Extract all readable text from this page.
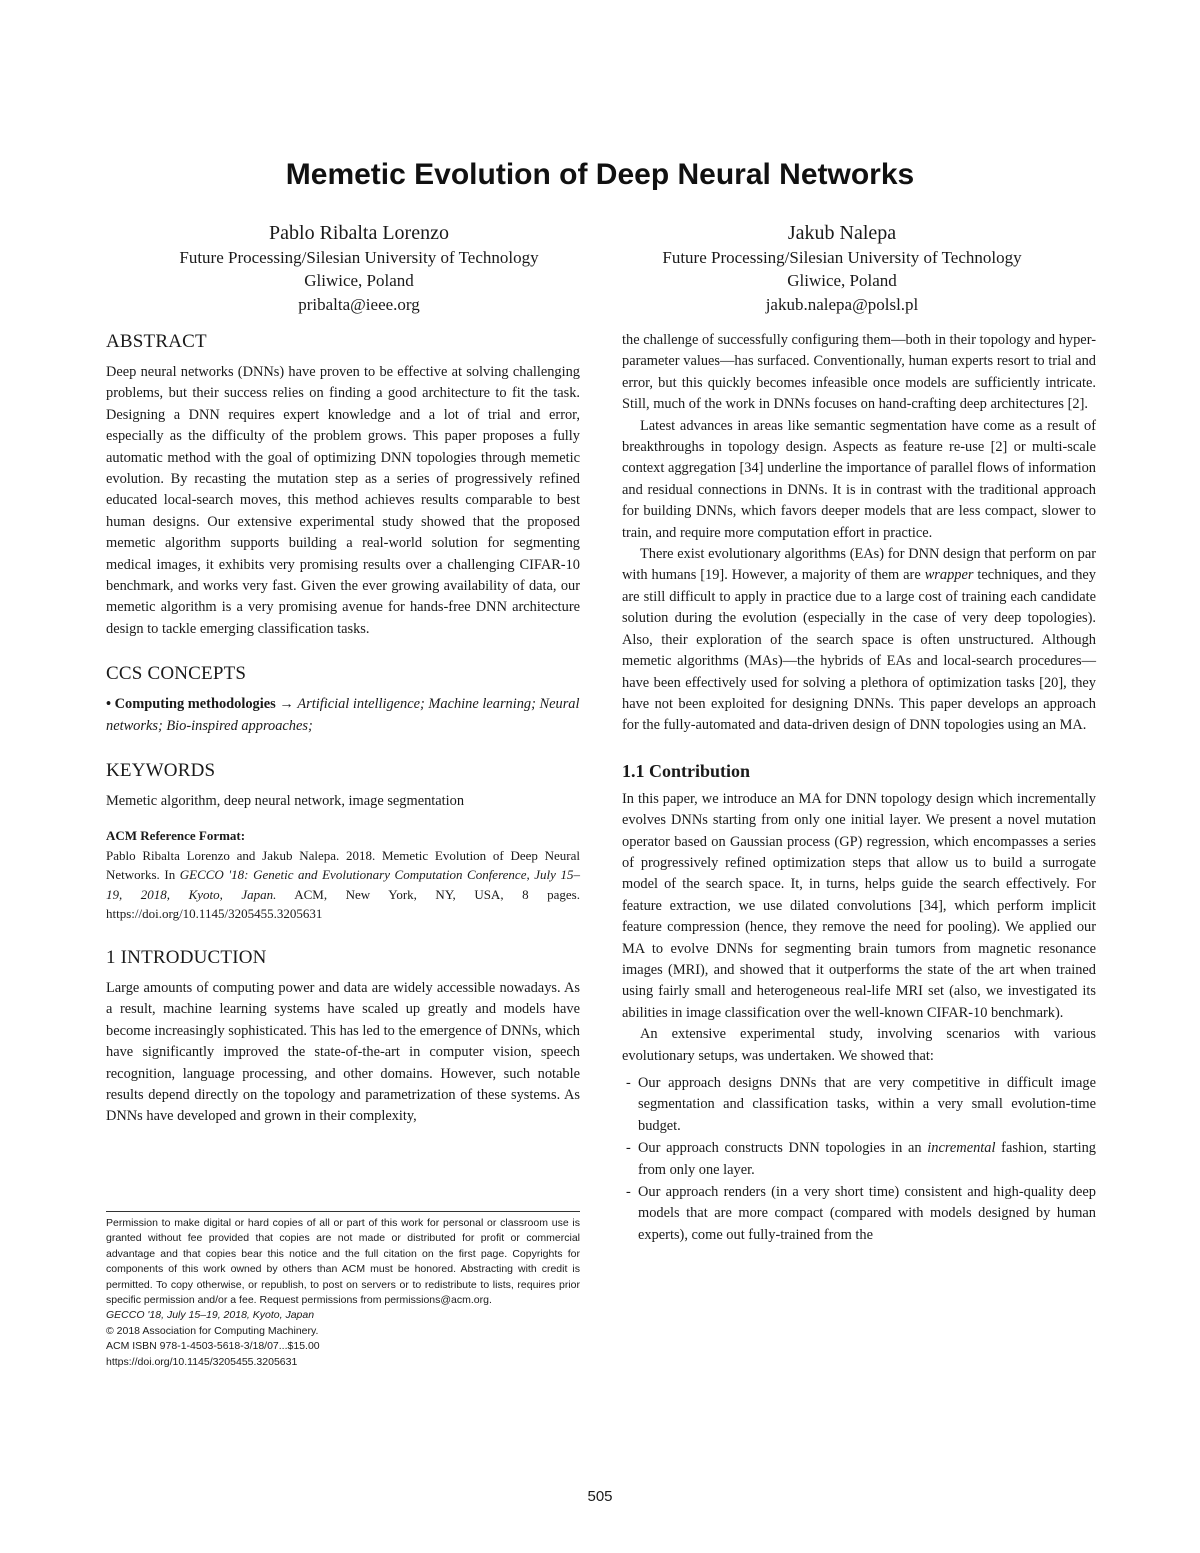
Memetic Evolution of Deep Neural Networks
Pablo Ribalta Lorenzo
Future Processing/Silesian University of Technology
Gliwice, Poland
pribalta@ieee.org
Jakub Nalepa
Future Processing/Silesian University of Technology
Gliwice, Poland
jakub.nalepa@polsl.pl
ABSTRACT

Deep neural networks (DNNs) have proven to be effective at solving challenging problems, but their success relies on finding a good architecture to fit the task. Designing a DNN requires expert knowledge and a lot of trial and error, especially as the difficulty of the problem grows. This paper proposes a fully automatic method with the goal of optimizing DNN topologies through memetic evolution. By recasting the mutation step as a series of progressively refined educated local-search moves, this method achieves results comparable to best human designs. Our extensive experimental study showed that the proposed memetic algorithm supports building a real-world solution for segmenting medical images, it exhibits very promising results over a challenging CIFAR-10 benchmark, and works very fast. Given the ever growing availability of data, our memetic algorithm is a very promising avenue for hands-free DNN architecture design to tackle emerging classification tasks.

CCS CONCEPTS

• Computing methodologies → Artificial intelligence; Machine learning; Neural networks; Bio-inspired approaches;

KEYWORDS

Memetic algorithm, deep neural network, image segmentation

ACM Reference Format:

Pablo Ribalta Lorenzo and Jakub Nalepa. 2018. Memetic Evolution of Deep Neural Networks. In GECCO '18: Genetic and Evolutionary Computation Conference, July 15–19, 2018, Kyoto, Japan. ACM, New York, NY, USA, 8 pages. https://doi.org/10.1145/3205455.3205631

1 INTRODUCTION

Large amounts of computing power and data are widely accessible nowadays. As a result, machine learning systems have scaled up greatly and models have become increasingly sophisticated. This has led to the emergence of DNNs, which have significantly improved the state-of-the-art in computer vision, speech recognition, language processing, and other domains. However, such notable results depend directly on the topology and parametrization of these systems. As DNNs have developed and grown in their complexity,

Permission to make digital or hard copies of all or part of this work for personal or classroom use is granted without fee provided that copies are not made or distributed for profit or commercial advantage and that copies bear this notice and the full citation on the first page. Copyrights for components of this work owned by others than ACM must be honored. Abstracting with credit is permitted. To copy otherwise, or republish, to post on servers or to redistribute to lists, requires prior specific permission and/or a fee. Request permissions from permissions@acm.org.
GECCO '18, July 15–19, 2018, Kyoto, Japan
© 2018 Association for Computing Machinery.
ACM ISBN 978-1-4503-5618-3/18/07...$15.00
https://doi.org/10.1145/3205455.3205631

the challenge of successfully configuring them—both in their topology and hyper-parameter values—has surfaced. Conventionally, human experts resort to trial and error, but this quickly becomes infeasible once models are sufficiently intricate. Still, much of the work in DNNs focuses on hand-crafting deep architectures [2].

Latest advances in areas like semantic segmentation have come as a result of breakthroughs in topology design. Aspects as feature re-use [2] or multi-scale context aggregation [34] underline the importance of parallel flows of information and residual connections in DNNs. It is in contrast with the traditional approach for building DNNs, which favors deeper models that are less compact, slower to train, and require more computation effort in practice.

There exist evolutionary algorithms (EAs) for DNN design that perform on par with humans [19]. However, a majority of them are wrapper techniques, and they are still difficult to apply in practice due to a large cost of training each candidate solution during the evolution (especially in the case of very deep topologies). Also, their exploration of the search space is often unstructured. Although memetic algorithms (MAs)—the hybrids of EAs and local-search procedures—have been effectively used for solving a plethora of optimization tasks [20], they have not been exploited for designing DNNs. This paper develops an approach for the fully-automated and data-driven design of DNN topologies using an MA.

1.1 Contribution

In this paper, we introduce an MA for DNN topology design which incrementally evolves DNNs starting from only one initial layer. We present a novel mutation operator based on Gaussian process (GP) regression, which encompasses a series of progressively refined optimization steps that allow us to build a surrogate model of the search space. It, in turns, helps guide the search effectively. For feature extraction, we use dilated convolutions [34], which perform implicit feature compression (hence, they remove the need for pooling). We applied our MA to evolve DNNs for segmenting brain tumors from magnetic resonance images (MRI), and showed that it outperforms the state of the art when trained using fairly small and heterogeneous real-life MRI set (also, we investigated its abilities in image classification over the well-known CIFAR-10 benchmark).

An extensive experimental study, involving scenarios with various evolutionary setups, was undertaken. We showed that:

- Our approach designs DNNs that are very competitive in difficult image segmentation and classification tasks, within a very small evolution-time budget.
- Our approach constructs DNN topologies in an incremental fashion, starting from only one layer.
- Our approach renders (in a very short time) consistent and high-quality deep models that are more compact (compared with models designed by human experts), come out fully-trained from the
505
